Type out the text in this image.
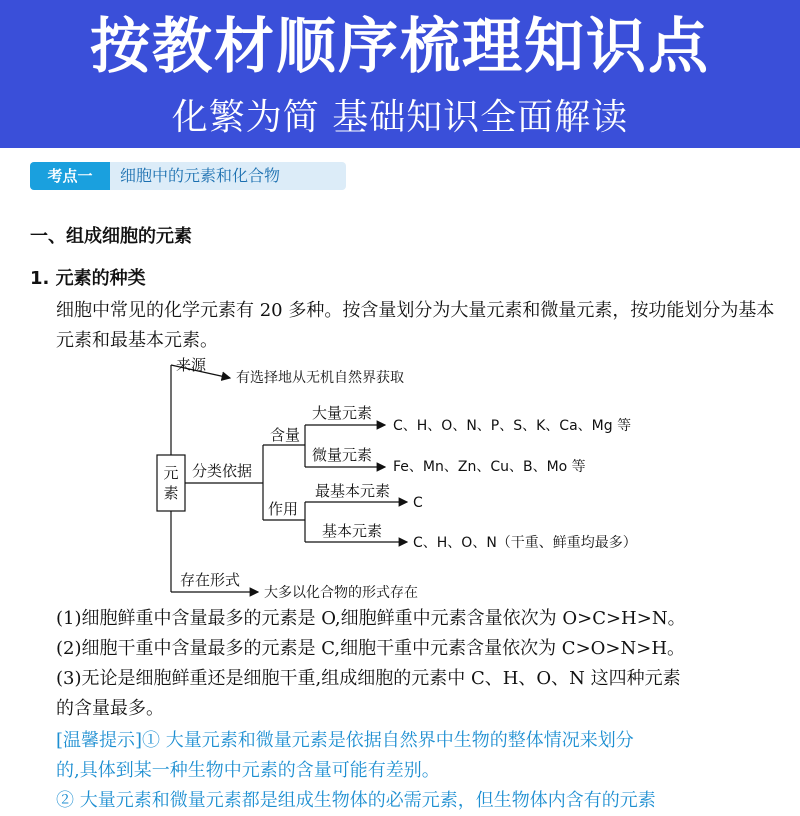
按教材顺序梳理知识点
化繁为简 基础知识全面解读
考点一	细胞中的元素和化合物
一、组成细胞的元素
1. 元素的种类
细胞中常见的化学元素有 20 多种。按含量划分为大量元素和微量元素，按功能划分为基本元素和最基本元素。
元
素
来源
有选择地从无机自然界获取
分类依据
含量
大量元素
C、H、O、N、P、S、K、Ca、Mg 等
微量元素
Fe、Mn、Zn、Cu、B、Mo 等
作用
最基本元素
C
基本元素
C、H、O、N（干重、鲜重均最多）
存在形式
大多以化合物的形式存在
(1)细胞鲜重中含量最多的元素是 O,细胞鲜重中元素含量依次为 O>C>H>N。
(2)细胞干重中含量最多的元素是 C,细胞干重中元素含量依次为 C>O>N>H。
(3)无论是细胞鲜重还是细胞干重,组成细胞的元素中 C、H、O、N 这四种元素
的含量最多。
[温馨提示]① 大量元素和微量元素是依据自然界中生物的整体情况来划分
的,具体到某一种生物中元素的含量可能有差别。
② 大量元素和微量元素都是组成生物体的必需元素，但生物体内含有的元素
